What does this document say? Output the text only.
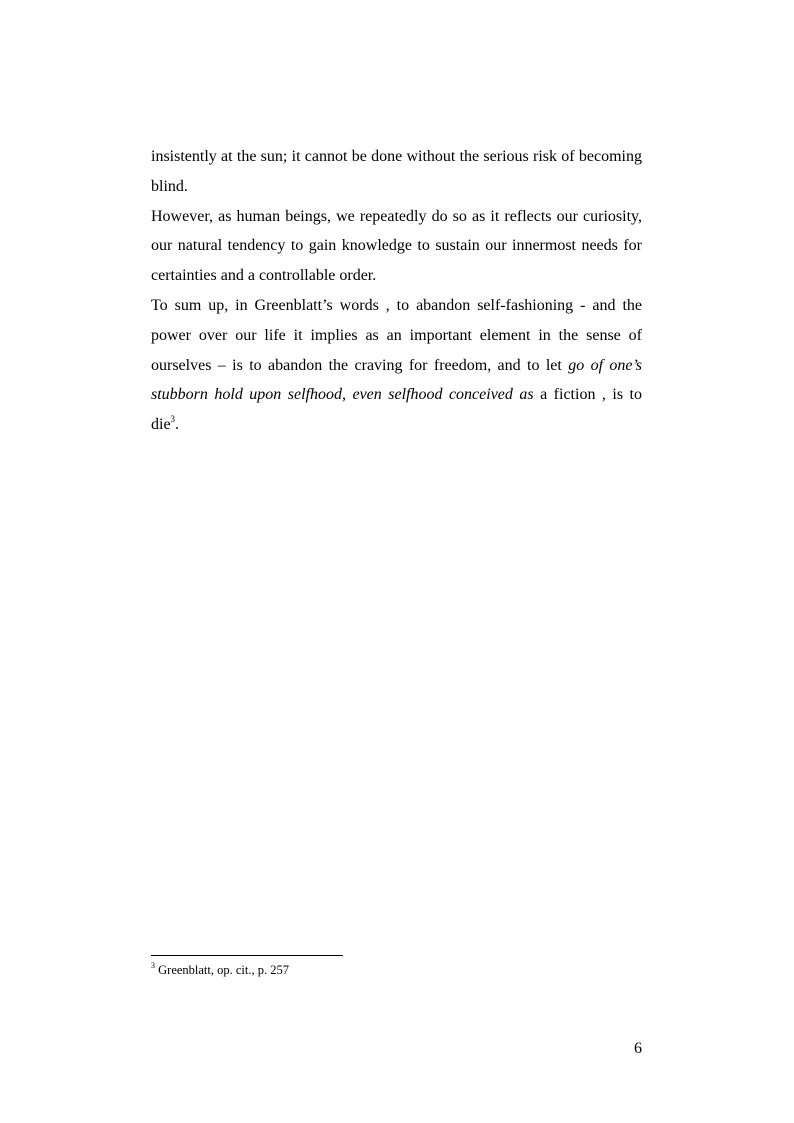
insistently at the sun; it cannot be done without the serious risk of becoming blind.

However, as human beings, we repeatedly do so as it reflects our curiosity, our natural tendency to gain knowledge to sustain our innermost needs for certainties and a controllable order.

To sum up, in Greenblatt’s words , to abandon self-fashioning - and the power over our life it implies as an important element in the sense of ourselves – is to abandon the craving for freedom, and to let go of one’s stubborn hold upon selfhood, even selfhood conceived as a fiction , is to die$^3$.

$^3$ Greenblatt, op. cit., p. 257
6
